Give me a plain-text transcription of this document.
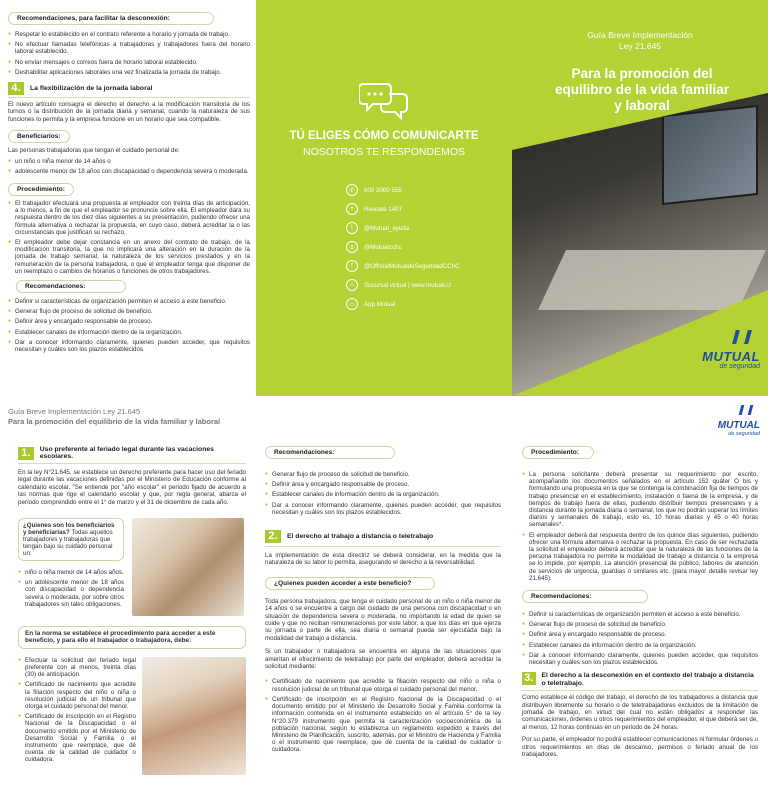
Recomendaciones, para facilitar la desconexión:
● Respetar lo establecido en el contrato referente a horario y jornada de trabajo.
● No efectuar llamadas telefónicas a trabajadoras y trabajadores fuera del horario laboral establecido.
● No enviar mensajes o correos fuera de horario laboral establecido.
● Deshabilitar aplicaciones laborales una vez finalizada la jornada de trabajo.
4.	La flexibilización de la jornada laboral
El nuevo artículo consagra el derecho el derecho a la modificación transitoria de los turnos o la distribución de la jornada diaria y semanal, cuando la naturaleza de sus funciones lo permita y la empresa funcione en un horario que sea compatible.
Beneficiarios:
Las personas trabajadoras que tengan el cuidado personal de:
● un niño o niña menor de 14 años o
● adolescente menor de 18 años con discapacidad o dependencia severa o moderada.
Procedimiento:
● El trabajador efectuará una propuesta al empleador con treinta días de anticipación, a lo menos, a fin de que el empleador se pronuncie sobre ella. El empleador dará su respuesta dentro de los diez días siguientes a su presentación, pudiendo ofrecer una fórmula alternativa o rechazar la propuesta, en cuyo caso, deberá acreditar la o las circunstancias que justifican su rechazo.
● El empleador debe dejar constancia en un anexo del contrato de trabajo, de la modificación transitoria, la que no implicará una alteración en la duración de la jornada de trabajo semanal, la naturaleza de los servicios prestados y en la remuneración de la persona trabajadora, o que el empleador tenga que disponer de un reemplazo o cambios de horarios o funciones de otros trabajadores.
Recomendaciones:
● Definir si características de organización permiten el acceso a este beneficio.
● Generar flujo de proceso de solicitud de beneficio.
● Definir área y encargado responsable de proceso.
● Establecer canales de información dentro de la organización.
● Dar a conocer informando claramente, quienes pueden acceder, que requisitos necesitan y cuáles son los plazos establecidos.
TÚ ELIGES CÓMO COMUNICARTE
NOSOTROS TE RESPONDEMOS
✆	600 2000 555
+	Rescate 1407
t	@Mutual_ayuda
◎	@Mutualcchc
f	@OfficialMutualdeSeguridadCChC
⌂	Sucursal virtual | www.mutual.cl
▭	App Mutual
Guía Breve Implementación
Ley 21.645
Para la promoción del equilibro de la vida familiar y laboral
MUTUAL
de seguridad
Guía Breve Implementación Ley 21.645
Para la promoción del equilibrio de la vida familiar y laboral	MUTUAL
de seguridad
1.	Uso preferente al feriado legal durante las vacaciones escolares.
En la ley N°21.645, se establece un derecho preferente para hacer uso del feriado legal durante las vacaciones definidas por el Ministerio de Educación conforme al calendario escolar. "Se entiende por "año escolar" el periodo fijado de acuerdo a las normas que rige el calendario escolar y que, por regla general, abarca el período comprendido entre el 1° de marzo y el 31 de diciembre de cada año.
¿Quienes son los beneficiarios y beneficiarias? Todas aquellos trabajadores y trabajadoras que tengan bajo su cuidado personal un:
● niño o niña menor de 14 años años.
● un adolescente menor de 18 años con discapacidad o dependencia severa o moderada, por sobre otros trabajadores sin tales obligaciones.
En la norma se establece el procedimiento para acceder a este beneficio, y para ello el trabajador o trabajadora, debe:
● Efectuar la solicitud del feriado legal preferente con al menos, treinta días (30) de anticipación.
● Certificado de nacimiento que acredite la filiación respecto del niño o niña o resolución judicial de un tribunal que otorga el cuidado personal del menor.
● Certificado de inscripción en el Registro Nacional de la Discapacidad o el documento emitido por el Ministerio de Desarrollo Social y Familia o el instrumento que reemplace, que dé cuenta de la calidad de cuidador o cuidadora.
Recomendaciones:
● Generar flujo de proceso de solicitud de beneficio.
● Definir área y encargado responsable de proceso.
● Establecer canales de información dentro de la organización.
● Dar a conocer informando claramente, quienes pueden acceder, que requisitos necesitan y cuáles son los plazos establecidos.
2.	El derecho al trabajo a distancia o teletrabajo
La implementación de esta directriz se deberá considerar, en la medida que la naturaleza de su labor lo permita, asegurando el derecho a la reversabilidad.
¿Quienes pueden acceder a este beneficio?
Toda persona trabajadora, que tenga el cuidado personal de un niño o niña menor de 14 años o se encuentre a cargo del cuidado de una persona con discapacidad o en situación de dependencia severa o moderada, no importando la edad de quien se cuide y que no reciban remuneraciones por este labor, a que los días en que ejerza su jornada o parte de ella, sea diaria o semanal pueda ser ejecutada bajo la modalidad del trabajo a distancia.
Si un trabajador o trabajadora se encuentra en alguna de las situaciones que ameritan el ofrecimiento de teletrabajo por parte del empleador, deberá acreditar la solicitud mediante:
● Certificado de nacimiento que acredite la filiación respecto del niño o niña o resolución judicial de un tribunal que otorga el cuidado personal del menor.
● Certificado de inscripción en el Registro Nacional de la Discapacidad o el documento emitido por el Ministerio de Desarrollo Social y Familia conforme la información contenida en el instrumento establecido en el artículo 5° de la ley N°20.379 instrumento que permita la caracterización socioeconómica de la población nacional, según lo establezca un reglamento expedido a través del Ministerio de Planificación, suscrito, además, por el Ministro de Hacienda y Familia o el instrumento que reemplace, que dé cuenta de la calidad de cuidador o cuidadora.
Procedimiento:
● La persona solicitante deberá presentar su requerimiento por escrito, acompañando los documentos señalados en el artículo 152 quáter O bis y formulando una propuesta en la que se contenga la combinación fija de tiempos de trabajo presencial en el establecimiento, instalación o faena de la empresa, y de tiempos de trabajo fuera de ellas, pudiendo distribuir tiempos presenciales y a distancia durante la jornada diaria o semanal, los que no podrán superar los límites diarios y semanales de trabajo, esto es, 10 horas diarias y 45 o 40 horas semanales*.
● El empleador deberá dar respuesta dentro de los quince días siguientes, pudiendo ofrecer una fórmula alternativa o rechazar la propuesta. En caso de ser rechazada la solicitud el empleador deberá acreditar que la naturaleza de las funciones de la persona trabajadora no permite la modalidad de trabajo a distancia o la empresa se lo impide, por ejemplo. La atención presencial de público, labores de atención de servicios de urgencia, guardias o similares etc. (para mayor detalle revisar ley 21.645).
Recomendaciones:
● Definir si características de organización permiten el acceso a este beneficio.
● Generar flujo de proceso de solicitud de beneficio.
● Definir área y encargado responsable de proceso.
● Establecer canales de información dentro de la organización.
● Dar a conocer informando claramente, quienes pueden acceder, que requisitos necesitan y cuáles son los plazos establecidos.
3.	El derecho a la desconexión en el contexto del trabajo a distancia o teletrabajo.
Como establece el código del trabajo, el derecho de los trabajadores a distancia que distribuyen libremente su horario o de teletrabajadores excluidos de la limitación de jornada de trabajo, en virtud del cual no están obligados a responder las comunicaciones, órdenes u otros requerimientos del empleador, el que deberá ser de, al menos, 12 horas continuas en un periodo de 24 horas.
Por su parte, el empleador no podrá establecer comunicaciones ni formular órdenes u otros requerimientos en días de descanso, permisos o feriado anual de los trabajadores.
